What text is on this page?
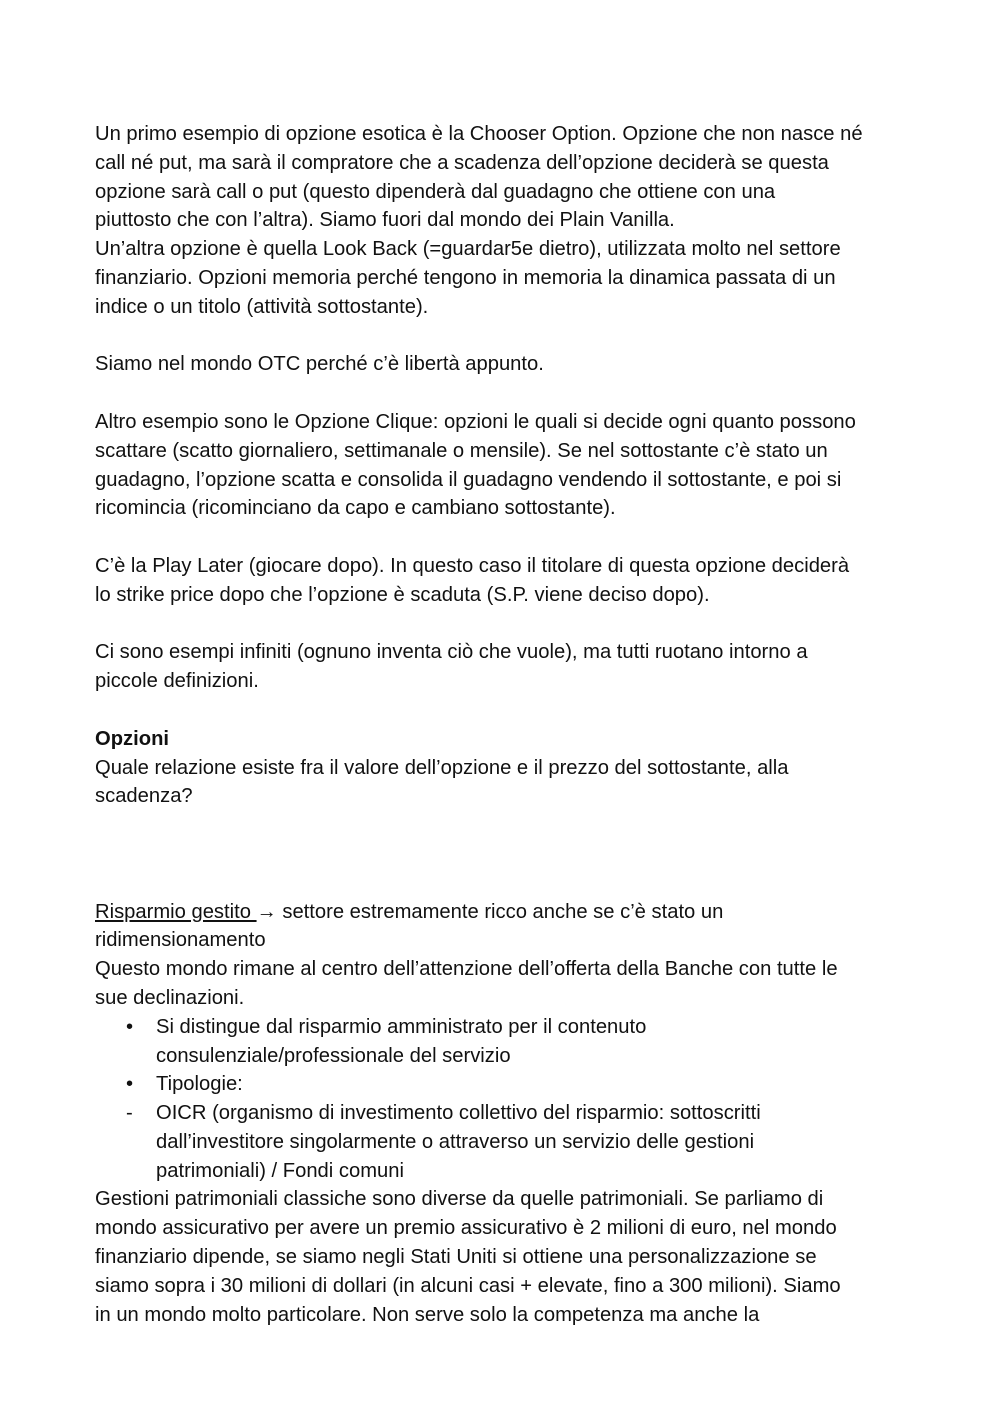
Un primo esempio di opzione esotica è la Chooser Option. Opzione che non nasce né
call né put, ma sarà il compratore che a scadenza dell’opzione deciderà se questa
opzione sarà call o put (questo dipenderà dal guadagno che ottiene con una
piuttosto che con l’altra). Siamo fuori dal mondo dei Plain Vanilla.
Un’altra opzione è quella Look Back (=guardar5e dietro), utilizzata molto nel settore
finanziario. Opzioni memoria perché tengono in memoria la dinamica passata di un
indice o un titolo (attività sottostante).
Siamo nel mondo OTC perché c’è libertà appunto.
Altro esempio sono le Opzione Clique: opzioni le quali si decide ogni quanto possono
scattare (scatto giornaliero, settimanale o mensile). Se nel sottostante c’è stato un
guadagno, l’opzione scatta e consolida il guadagno vendendo il sottostante, e poi si
ricomincia (ricominciano da capo e cambiano sottostante).
C’è la Play Later (giocare dopo). In questo caso il titolare di questa opzione deciderà
lo strike price dopo che l’opzione è scaduta (S.P. viene deciso dopo).
Ci sono esempi infiniti (ognuno inventa ciò che vuole), ma tutti ruotano intorno a
piccole definizioni.
Opzioni
Quale relazione esiste fra il valore dell’opzione e il prezzo del sottostante, alla
scadenza?
Risparmio gestito → settore estremamente ricco anche se c’è stato un
ridimensionamento
Questo mondo rimane al centro dell’attenzione dell’offerta della Banche con tutte le
sue declinazioni.
• Si distingue dal risparmio amministrato per il contenuto
consulenziale/professionale del servizio
• Tipologie:
- OICR (organismo di investimento collettivo del risparmio: sottoscritti
dall’investitore singolarmente o attraverso un servizio delle gestioni
patrimoniali) / Fondi comuni
Gestioni patrimoniali classiche sono diverse da quelle patrimoniali. Se parliamo di
mondo assicurativo per avere un premio assicurativo è 2 milioni di euro, nel mondo
finanziario dipende, se siamo negli Stati Uniti si ottiene una personalizzazione se
siamo sopra i 30 milioni di dollari (in alcuni casi + elevate, fino a 300 milioni). Siamo
in un mondo molto particolare. Non serve solo la competenza ma anche la
